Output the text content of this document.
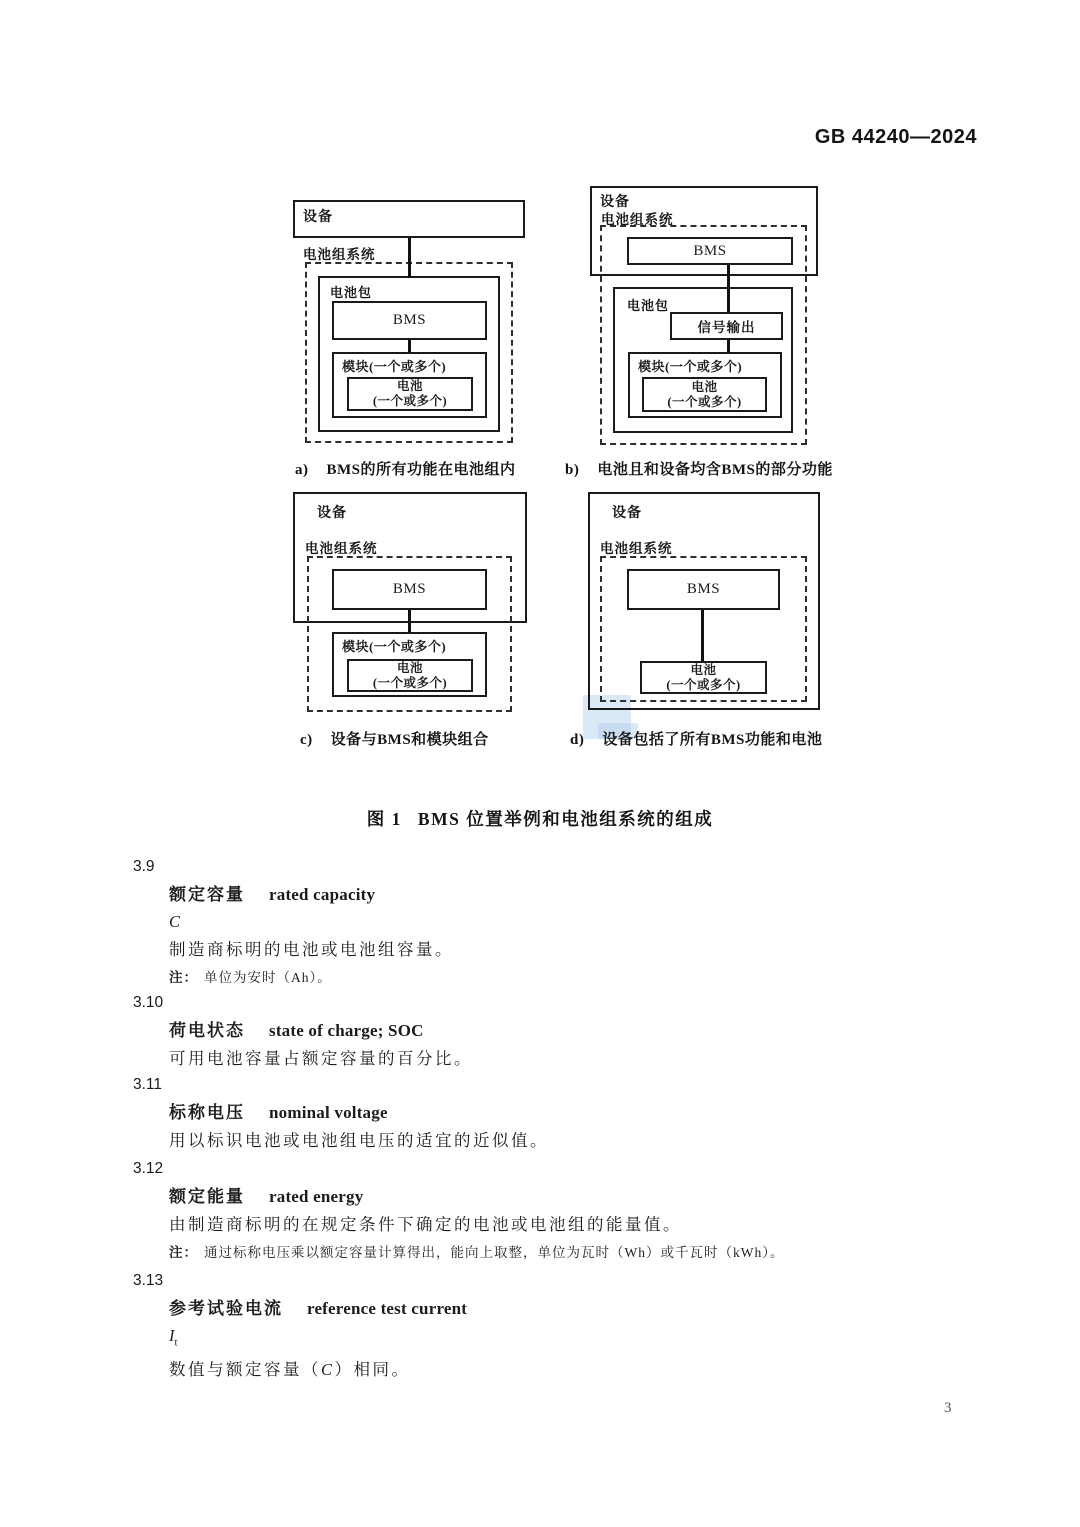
GB 44240—2024
设备
电池组系统
电池包
BMS
模块(一个或多个)
电池
(一个或多个)
a) BMS的所有功能在电池组内
设备
电池组系统
BMS
电池包
信号输出
模块(一个或多个)
电池
(一个或多个)
b) 电池且和设备均含BMS的部分功能
设备
电池组系统
BMS
模块(一个或多个)
电池
(一个或多个)
c) 设备与BMS和模块组合
设备
电池组系统
BMS
电池
(一个或多个)
d) 设备包括了所有BMS功能和电池
图 1 BMS 位置举例和电池组系统的组成
3.9
额定容量 rated capacity
C
制造商标明的电池或电池组容量。
注： 单位为安时（Ah）。
3.10
荷电状态 state of charge; SOC
可用电池容量占额定容量的百分比。
3.11
标称电压 nominal voltage
用以标识电池或电池组电压的适宜的近似值。
3.12
额定能量 rated energy
由制造商标明的在规定条件下确定的电池或电池组的能量值。
注： 通过标称电压乘以额定容量计算得出，能向上取整，单位为瓦时（Wh）或千瓦时（kWh）。
3.13
参考试验电流 reference test current
$I_t$
数值与额定容量（C）相同。
3
